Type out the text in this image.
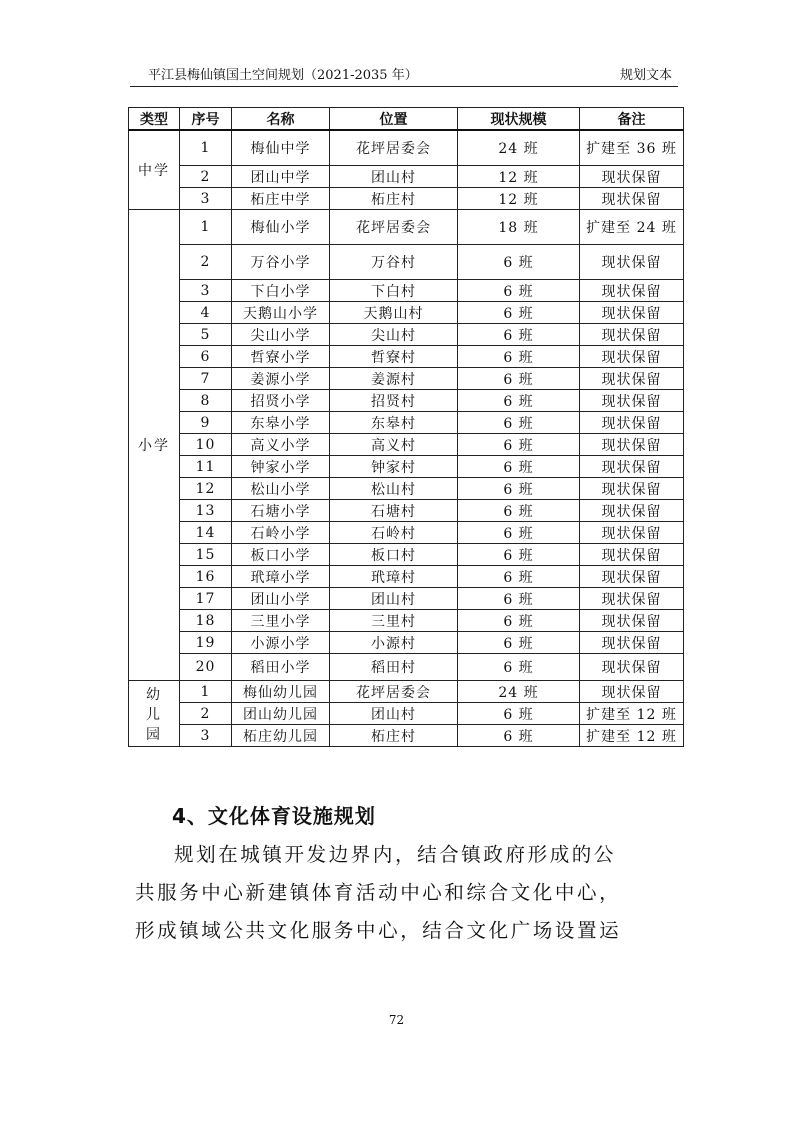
平江县梅仙镇国土空间规划（2021-2035 年）	规划文本
类型	序号	名称	位置	现状规模	备注
中学	1	梅仙中学	花坪居委会	24 班	扩建至 36 班
	2	团山中学	团山村	12 班	现状保留
	3	柘庄中学	柘庄村	12 班	现状保留
小学	1	梅仙小学	花坪居委会	18 班	扩建至 24 班
	2	万谷小学	万谷村	6 班	现状保留
	3	下白小学	下白村	6 班	现状保留
	4	天鹅山小学	天鹅山村	6 班	现状保留
	5	尖山小学	尖山村	6 班	现状保留
	6	哲寮小学	哲寮村	6 班	现状保留
	7	姜源小学	姜源村	6 班	现状保留
	8	招贤小学	招贤村	6 班	现状保留
	9	东皋小学	东皋村	6 班	现状保留
	10	高义小学	高义村	6 班	现状保留
	11	钟家小学	钟家村	6 班	现状保留
	12	松山小学	松山村	6 班	现状保留
	13	石塘小学	石塘村	6 班	现状保留
	14	石岭小学	石岭村	6 班	现状保留
	15	板口小学	板口村	6 班	现状保留
	16	玳璋小学	玳璋村	6 班	现状保留
	17	团山小学	团山村	6 班	现状保留
	18	三里小学	三里村	6 班	现状保留
	19	小源小学	小源村	6 班	现状保留
	20	稻田小学	稻田村	6 班	现状保留
幼儿园	1	梅仙幼儿园	花坪居委会	24 班	现状保留
	2	团山幼儿园	团山村	6 班	扩建至 12 班
	3	柘庄幼儿园	柘庄村	6 班	扩建至 12 班
4、文化体育设施规划
规划在城镇开发边界内，结合镇政府形成的公
共服务中心新建镇体育活动中心和综合文化中心，
形成镇域公共文化服务中心，结合文化广场设置运
72
